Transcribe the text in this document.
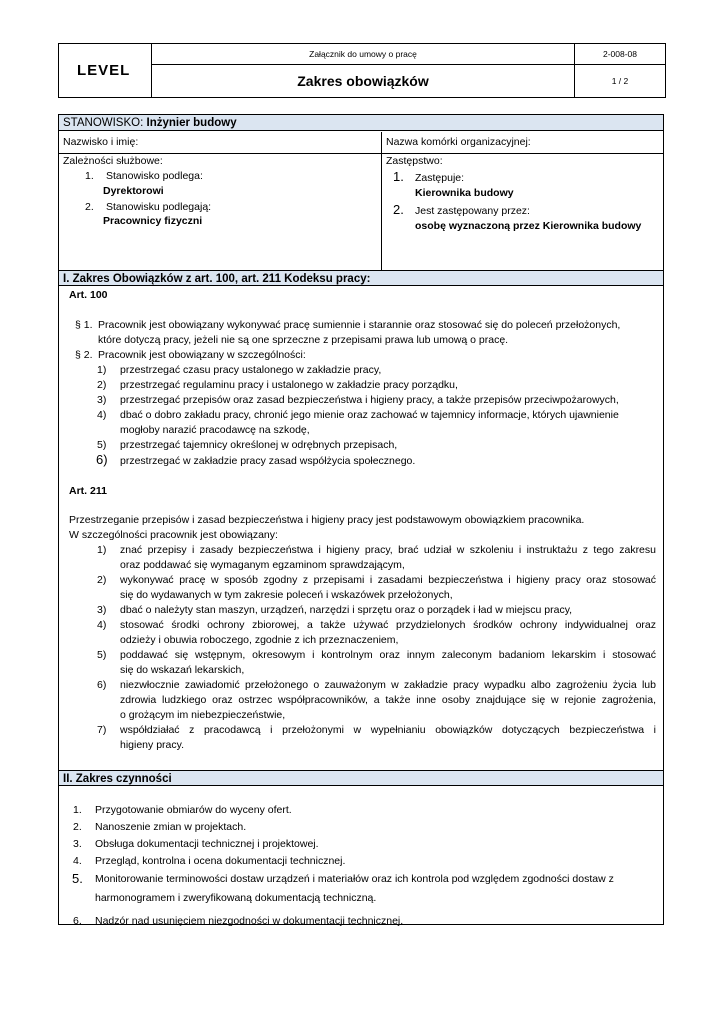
LEVEL
Załącznik do umowy o pracę	2-008-08
Zakres obowiązków	1 / 2
STANOWISKO: Inżynier budowy
Nazwisko i imię:	Nazwa komórki organizacyjnej:
Zależności służbowe:
1. Stanowisko podlega:
Dyrektorowi
2. Stanowisku podlegają:
Pracownicy fizyczni
Zastępstwo:
1. Zastępuje:
Kierownika budowy
2. Jest zastępowany przez:
osobę wyznaczoną przez Kierownika budowy
I. Zakres Obowiązków z art. 100, art. 211 Kodeksu pracy:
Art. 100
§ 1. Pracownik jest obowiązany wykonywać pracę sumiennie i starannie oraz stosować się do poleceń przełożonych,
które dotyczą pracy, jeżeli nie są one sprzeczne z przepisami prawa lub umową o pracę.
§ 2. Pracownik jest obowiązany w szczególności:
1) przestrzegać czasu pracy ustalonego w zakładzie pracy,
2) przestrzegać regulaminu pracy i ustalonego w zakładzie pracy porządku,
3) przestrzegać przepisów oraz zasad bezpieczeństwa i higieny pracy, a także przepisów przeciwpożarowych,
4) dbać o dobro zakładu pracy, chronić jego mienie oraz zachować w tajemnicy informacje, których ujawnienie
mogłoby narazić pracodawcę na szkodę,
5) przestrzegać tajemnicy określonej w odrębnych przepisach,
6) przestrzegać w zakładzie pracy zasad współżycia społecznego.
Art. 211
Przestrzeganie przepisów i zasad bezpieczeństwa i higieny pracy jest podstawowym obowiązkiem pracownika.
W szczególności pracownik jest obowiązany:
1) znać przepisy i zasady bezpieczeństwa i higieny pracy, brać udział w szkoleniu i instruktażu z tego zakresu
oraz poddawać się wymaganym egzaminom sprawdzającym,
2) wykonywać pracę w sposób zgodny z przepisami i zasadami bezpieczeństwa i higieny pracy oraz stosować
się do wydawanych w tym zakresie poleceń i wskazówek przełożonych,
3) dbać o należyty stan maszyn, urządzeń, narzędzi i sprzętu oraz o porządek i ład w miejscu pracy,
4) stosować środki ochrony zbiorowej, a także używać przydzielonych środków ochrony indywidualnej oraz
odzieży i obuwia roboczego, zgodnie z ich przeznaczeniem,
5) poddawać się wstępnym, okresowym i kontrolnym oraz innym zaleconym badaniom lekarskim i stosować
się do wskazań lekarskich,
6) niezwłocznie zawiadomić przełożonego o zauważonym w zakładzie pracy wypadku albo zagrożeniu życia lub
zdrowia ludzkiego oraz ostrzec współpracowników, a także inne osoby znajdujące się w rejonie zagrożenia,
o grożącym im niebezpieczeństwie,
7) współdziałać z pracodawcą i przełożonymi w wypełnianiu obowiązków dotyczących bezpieczeństwa i
higieny pracy.
II. Zakres czynności
1. Przygotowanie obmiarów do wyceny ofert.
2. Nanoszenie zmian w projektach.
3. Obsługa dokumentacji technicznej i projektowej.
4. Przegląd, kontrolna i ocena dokumentacji technicznej.
5. Monitorowanie terminowości dostaw urządzeń i materiałów oraz ich kontrola pod względem zgodności dostaw z
harmonogramem i zweryfikowaną dokumentacją techniczną.
6. Nadzór nad usunięciem niezgodności w dokumentacji technicznej.
